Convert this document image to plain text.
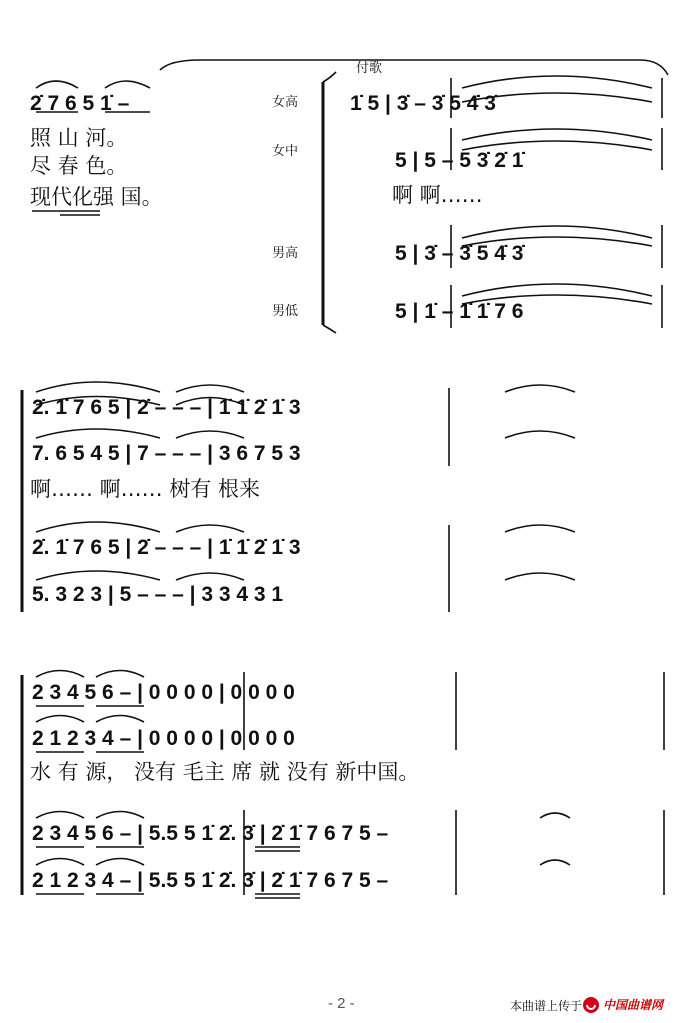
2̇ 7 6 5 1̇ –
照 山 河。
尽 春 色。
现代化强 国。
付歌
女高
女中
男高
男低
1̇ 5 | 3̇ – 3̇ 5 4̇ 3̇
5 | 5 – 5 3̇ 2̇ 1̇
啊 啊……
5 | 3̇ – 3̇ 5 4̇ 3̇
5 | 1̇ – 1̇ 1̇ 7 6
2̇. 1̇ 7 6 5 | 2̇ – – – | 1̇ 1̇ 2̇ 1̇ 3
7. 6 5 4 5 | 7 – – – | 3 6 7 5 3
啊…… 啊…… 树有 根来
2̇. 1̇ 7 6 5 | 2̇ – – – | 1̇ 1̇ 2̇ 1̇ 3
5. 3 2 3 | 5 – – – | 3 3 4 3 1
2 3 4 5 6 – | 0 0 0 0 | 0 0 0 0
2 1 2 3 4 – | 0 0 0 0 | 0 0 0 0
水 有 源， 没有 毛主 席 就 没有 新中国。
2 3 4 5 6 – | 5.5 5 1̇ 2̇. 3̇ | 2̇ 1̇ 7 6 7 5 –
2 1 2 3 4 – | 5.5 5 1̇ 2̇. 3̇ | 2̇ 1̇ 7 6 7 5 –
- 2 -	本曲谱上传于 中国曲谱网
